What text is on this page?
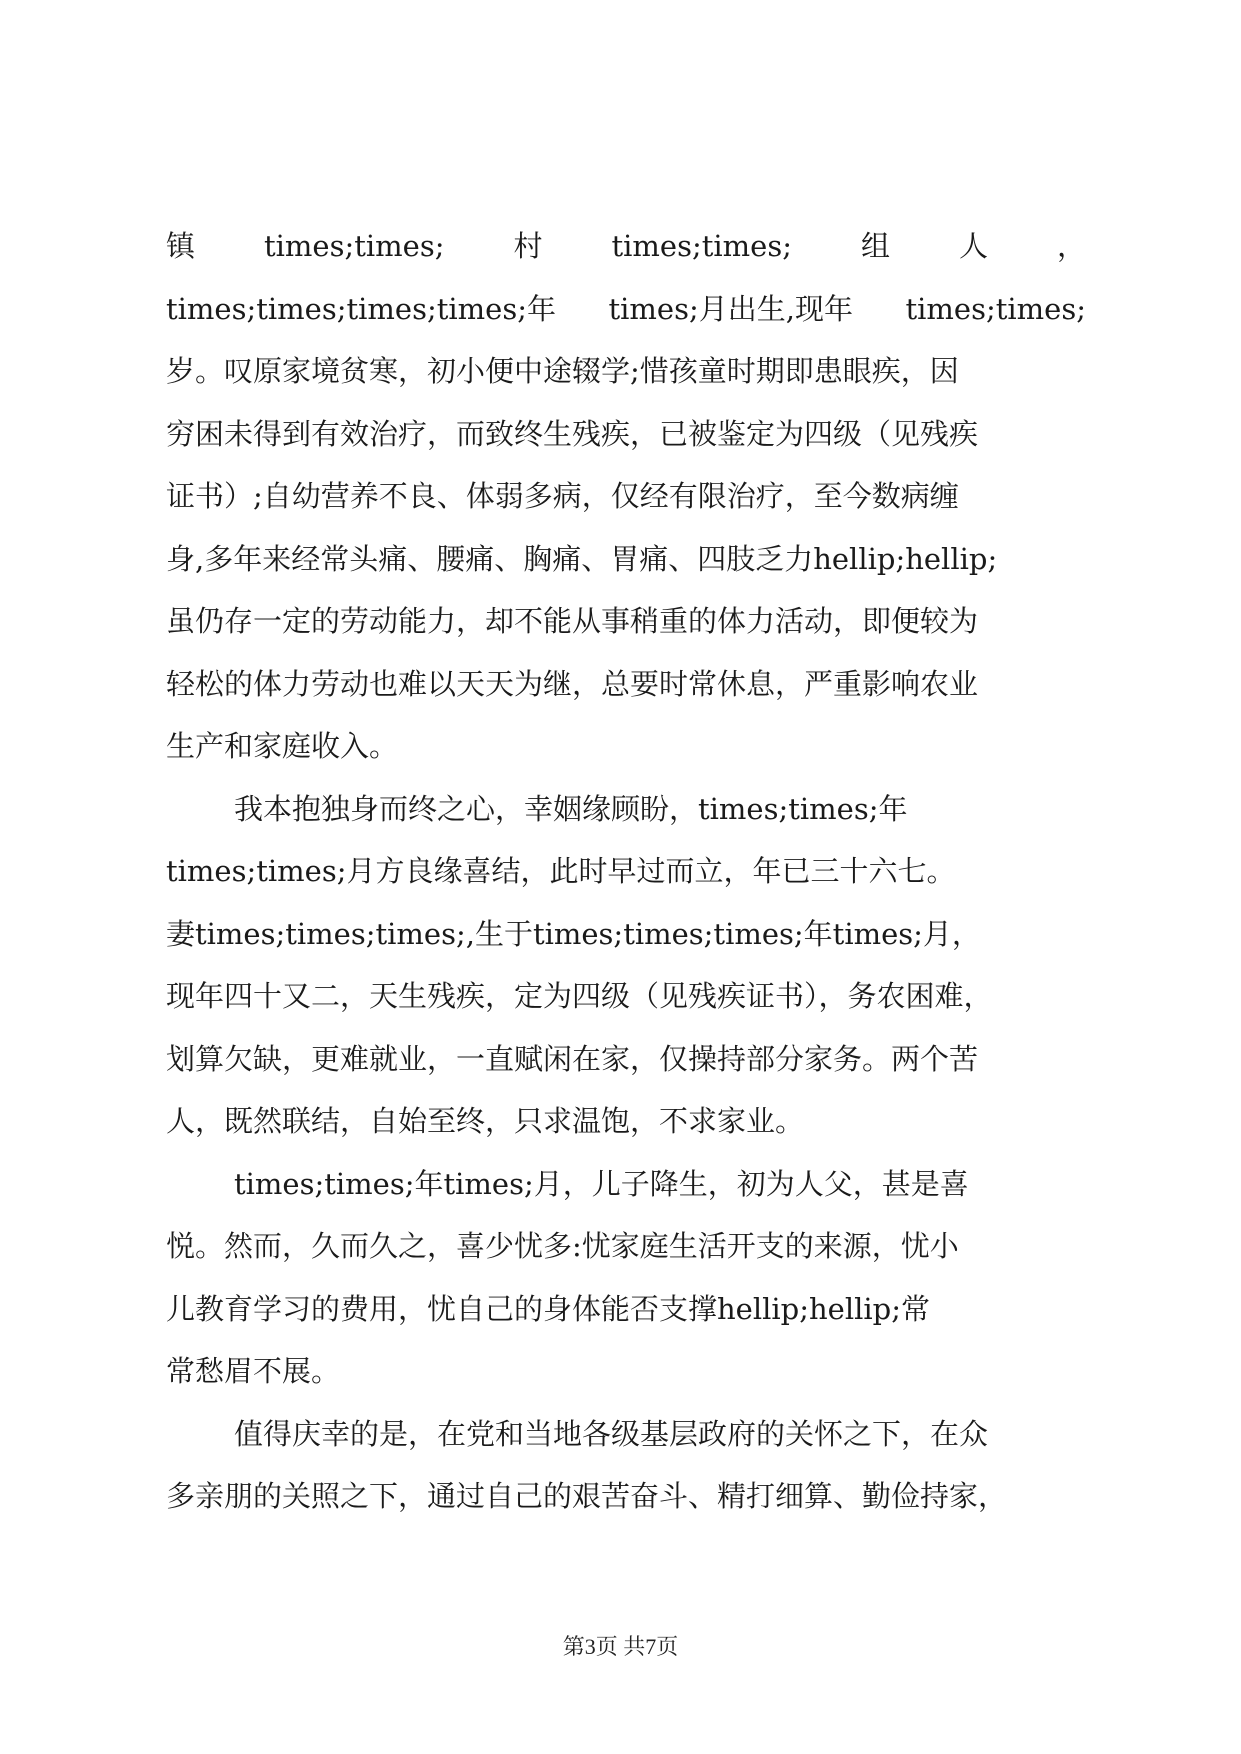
镇 times;times; 村 times;times; 组 人 ，
times;times;times;times;年 times;月出生,现年 times;times;
岁。叹原家境贫寒，初小便中途辍学;惜孩童时期即患眼疾，因
穷困未得到有效治疗，而致终生残疾，已被鉴定为四级（见残疾
证书）;自幼营养不良、体弱多病，仅经有限治疗，至今数病缠
身,多年来经常头痛、腰痛、胸痛、胃痛、四肢乏力hellip;hellip;
虽仍存一定的劳动能力，却不能从事稍重的体力活动，即便较为
轻松的体力劳动也难以天天为继，总要时常休息，严重影响农业
生产和家庭收入。
我本抱独身而终之心，幸姻缘顾盼，times;times;年
times;times;月方良缘喜结，此时早过而立，年已三十六七。
妻times;times;times;,生于times;times;times;年times;月，
现年四十又二，天生残疾，定为四级（见残疾证书），务农困难，
划算欠缺，更难就业，一直赋闲在家，仅操持部分家务。两个苦
人，既然联结，自始至终，只求温饱，不求家业。
times;times;年times;月，儿子降生，初为人父，甚是喜
悦。然而，久而久之，喜少忧多:忧家庭生活开支的来源，忧小
儿教育学习的费用，忧自己的身体能否支撑hellip;hellip;常
常愁眉不展。
值得庆幸的是，在党和当地各级基层政府的关怀之下，在众
多亲朋的关照之下，通过自己的艰苦奋斗、精打细算、勤俭持家，
第3页 共7页
